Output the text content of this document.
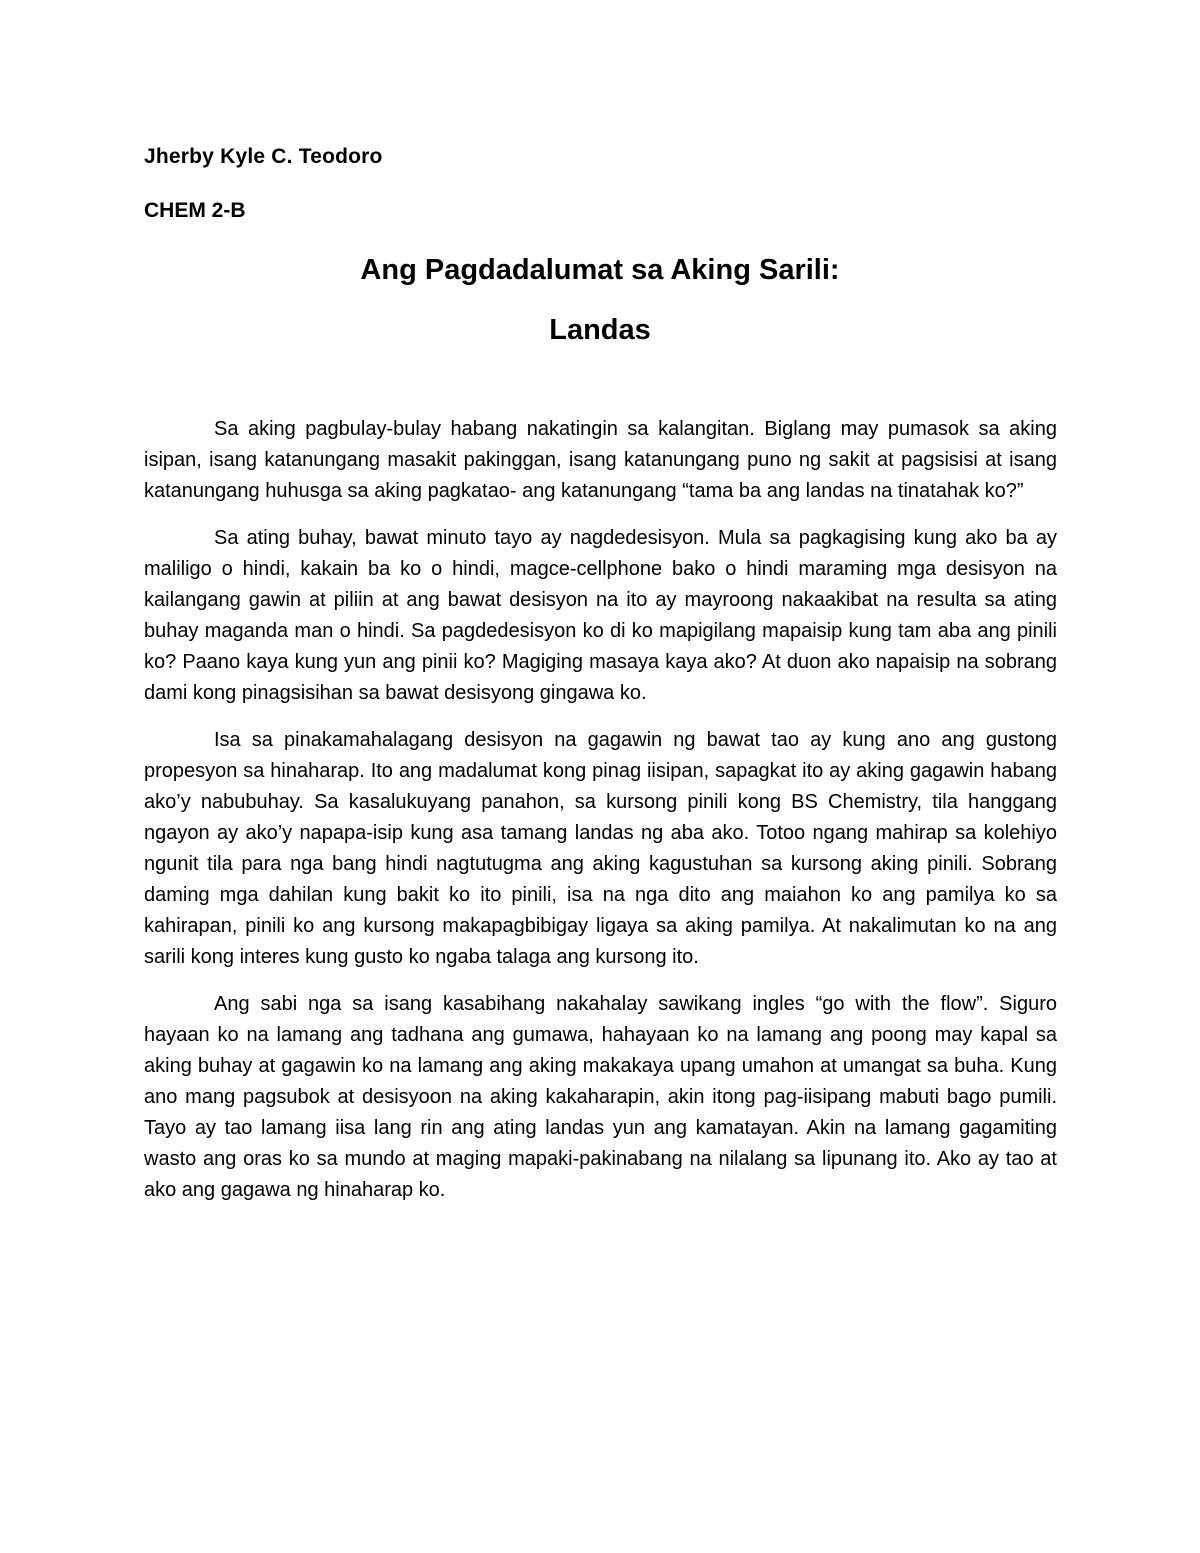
Jherby Kyle C. Teodoro
CHEM 2-B
Ang Pagdadalumat sa Aking Sarili:
Landas

Sa aking pagbulay-bulay habang nakatingin sa kalangitan. Biglang may pumasok sa aking isipan, isang katanungang masakit pakinggan, isang katanungang puno ng sakit at pagsisisi at isang katanungang huhusga sa aking pagkatao- ang katanungang “tama ba ang landas na tinatahak ko?”

Sa ating buhay, bawat minuto tayo ay nagdedesisyon. Mula sa pagkagising kung ako ba ay maliligo o hindi, kakain ba ko o hindi, magce-cellphone bako o hindi maraming mga desisyon na kailangang gawin at piliin at ang bawat desisyon na ito ay mayroong nakaakibat na resulta sa ating buhay maganda man o hindi. Sa pagdedesisyon ko di ko mapigilang mapaisip kung tam aba ang pinili ko? Paano kaya kung yun ang pinii ko? Magiging masaya kaya ako? At duon ako napaisip na sobrang dami kong pinagsisihan sa bawat desisyong gingawa ko.

Isa sa pinakamahalagang desisyon na gagawin ng bawat tao ay kung ano ang gustong propesyon sa hinaharap. Ito ang madalumat kong pinag iisipan, sapagkat ito ay aking gagawin habang ako’y nabubuhay. Sa kasalukuyang panahon, sa kursong pinili kong BS Chemistry, tila hanggang ngayon ay ako’y napapa-isip kung asa tamang landas ng aba ako. Totoo ngang mahirap sa kolehiyo ngunit tila para nga bang hindi nagtutugma ang aking kagustuhan sa kursong aking pinili. Sobrang daming mga dahilan kung bakit ko ito pinili, isa na nga dito ang maiahon ko ang pamilya ko sa kahirapan, pinili ko ang kursong makapagbibigay ligaya sa aking pamilya. At nakalimutan ko na ang sarili kong interes kung gusto ko ngaba talaga ang kursong ito.

Ang sabi nga sa isang kasabihang nakahalay sawikang ingles “go with the flow”. Siguro hayaan ko na lamang ang tadhana ang gumawa, hahayaan ko na lamang ang poong may kapal sa aking buhay at gagawin ko na lamang ang aking makakaya upang umahon at umangat sa buha. Kung ano mang pagsubok at desisyoon na aking kakaharapin, akin itong pag-iisipang mabuti bago pumili. Tayo ay tao lamang iisa lang rin ang ating landas yun ang kamatayan. Akin na lamang gagamiting wasto ang oras ko sa mundo at maging mapaki-pakinabang na nilalang sa lipunang ito. Ako ay tao at ako ang gagawa ng hinaharap ko.
